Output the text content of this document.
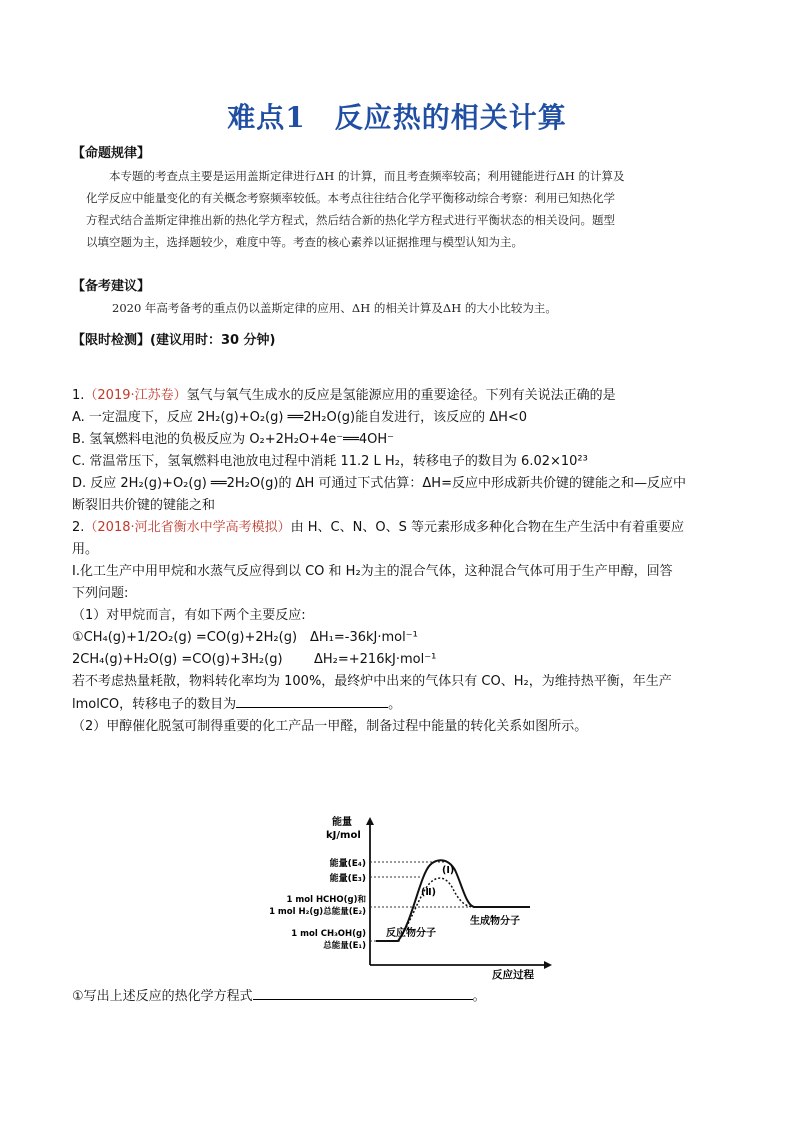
难点1　反应热的相关计算
【命题规律】
本专题的考查点主要是运用盖斯定律进行ΔH 的计算，而且考查频率较高；利用键能进行ΔH 的计算及
化学反应中能量变化的有关概念考察频率较低。本考点往往结合化学平衡移动综合考察：利用已知热化学
方程式结合盖斯定律推出新的热化学方程式，然后结合新的热化学方程式进行平衡状态的相关设问。题型
以填空题为主，选择题较少，难度中等。考查的核心素养以证据推理与模型认知为主。
【备考建议】
2020 年高考备考的重点仍以盖斯定律的应用、ΔH 的相关计算及ΔH 的大小比较为主。
【限时检测】(建议用时：30 分钟)
1.（2019·江苏卷）氢气与氧气生成水的反应是氢能源应用的重要途径。下列有关说法正确的是
A. 一定温度下，反应 2H₂(g)+O₂(g) ══2H₂O(g)能自发进行，该反应的 ΔH<0
B. 氢氧燃料电池的负极反应为 O₂+2H₂O+4e⁻══4OH⁻
C. 常温常压下，氢氧燃料电池放电过程中消耗 11.2 L H₂，转移电子的数目为 6.02×10²³
D. 反应 2H₂(g)+O₂(g) ══2H₂O(g)的 ΔH 可通过下式估算：ΔH=反应中形成新共价键的键能之和—反应中
断裂旧共价键的键能之和
2.（2018·河北省衡水中学高考模拟）由 H、C、N、O、S 等元素形成多种化合物在生产生活中有着重要应
用。
I.化工生产中用甲烷和水蒸气反应得到以 CO 和 H₂为主的混合气体，这种混合气体可用于生产甲醇，回答
下列问题:
（1）对甲烷而言，有如下两个主要反应:
①CH₄(g)+1/2O₂(g) =CO(g)+2H₂(g) ΔH₁=-36kJ·mol⁻¹
2CH₄(g)+H₂O(g) =CO(g)+3H₂(g) ΔH₂=+216kJ·mol⁻¹
若不考虑热量耗散，物料转化率均为 100%，最终炉中出来的气体只有 CO、H₂，为维持热平衡，年生产
lmolCO，转移电子的数目为	。
（2）甲醇催化脱氢可制得重要的化工产品一甲醛，制备过程中能量的转化关系如图所示。
能量
kJ/mol
反应过程
能量(E₄)
能量(E₃)
1 mol HCHO(g)和
1 mol H₂(g)总能量(E₂)
1 mol CH₃OH(g)
总能量(E₁)
(Ⅰ)
(Ⅱ)
生成物分子
反应物分子
①写出上述反应的热化学方程式	。
